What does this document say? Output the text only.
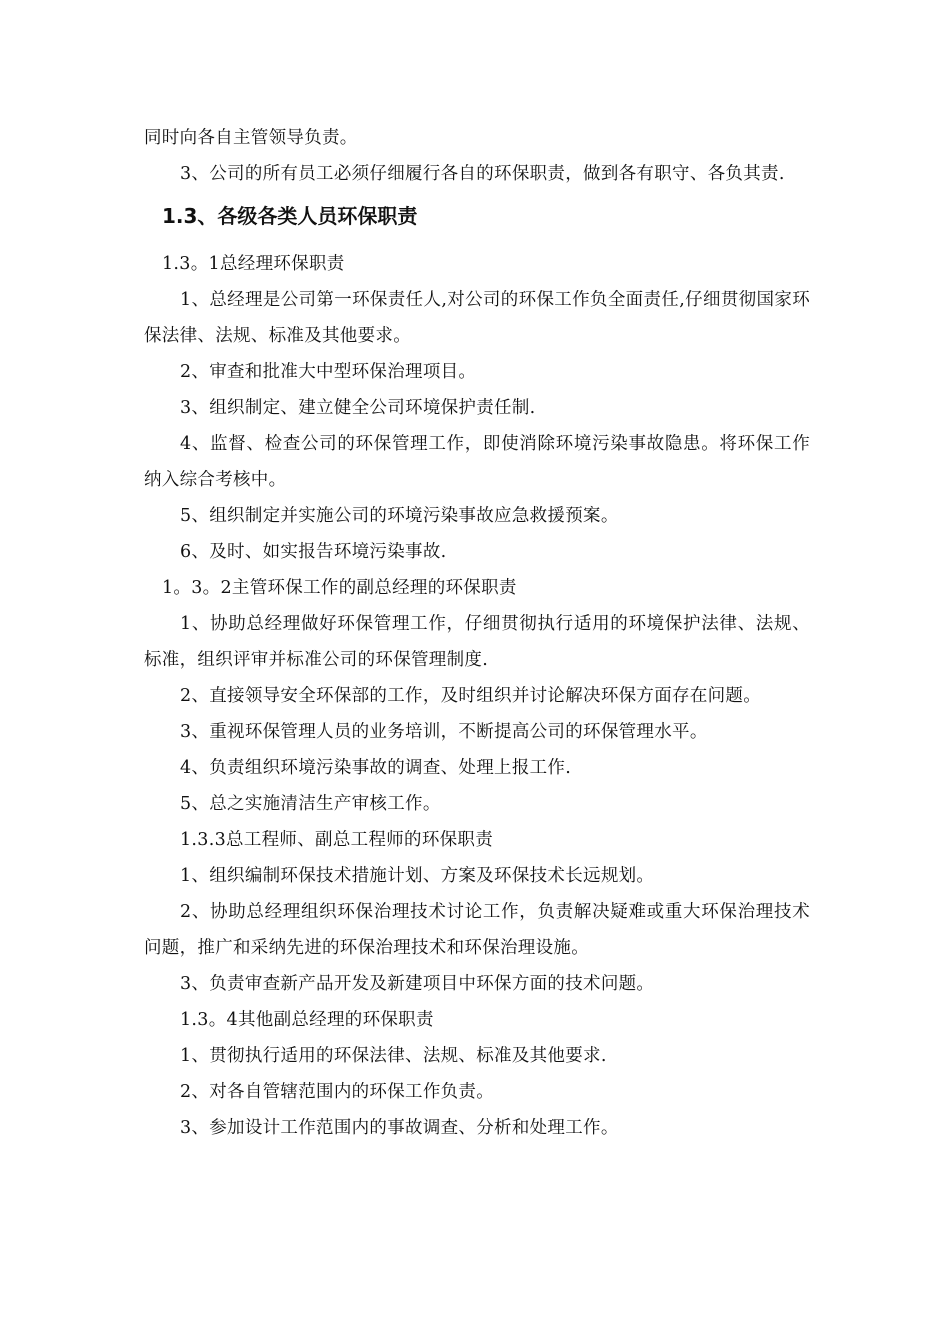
同时向各自主管领导负责。

3、公司的所有员工必须仔细履行各自的环保职责，做到各有职守、各负其责.

1.3、各级各类人员环保职责

1.3。1总经理环保职责

1、总经理是公司第一环保责任人,对公司的环保工作负全面责任,仔细贯彻国家环保法律、法规、标准及其他要求。

2、审查和批准大中型环保治理项目。

3、组织制定、建立健全公司环境保护责任制.

4、监督、检查公司的环保管理工作，即使消除环境污染事故隐患。将环保工作纳入综合考核中。

5、组织制定并实施公司的环境污染事故应急救援预案。

6、及时、如实报告环境污染事故.

1。3。2主管环保工作的副总经理的环保职责

1、协助总经理做好环保管理工作，仔细贯彻执行适用的环境保护法律、法规、标准，组织评审并标准公司的环保管理制度.

2、直接领导安全环保部的工作，及时组织并讨论解决环保方面存在问题。

3、重视环保管理人员的业务培训，不断提高公司的环保管理水平。

4、负责组织环境污染事故的调查、处理上报工作.

5、总之实施清洁生产审核工作。

1.3.3总工程师、副总工程师的环保职责

1、组织编制环保技术措施计划、方案及环保技术长远规划。

2、协助总经理组织环保治理技术讨论工作，负责解决疑难或重大环保治理技术问题，推广和采纳先进的环保治理技术和环保治理设施。

3、负责审查新产品开发及新建项目中环保方面的技术问题。

1.3。4其他副总经理的环保职责

1、贯彻执行适用的环保法律、法规、标准及其他要求.

2、对各自管辖范围内的环保工作负责。

3、参加设计工作范围内的事故调查、分析和处理工作。
